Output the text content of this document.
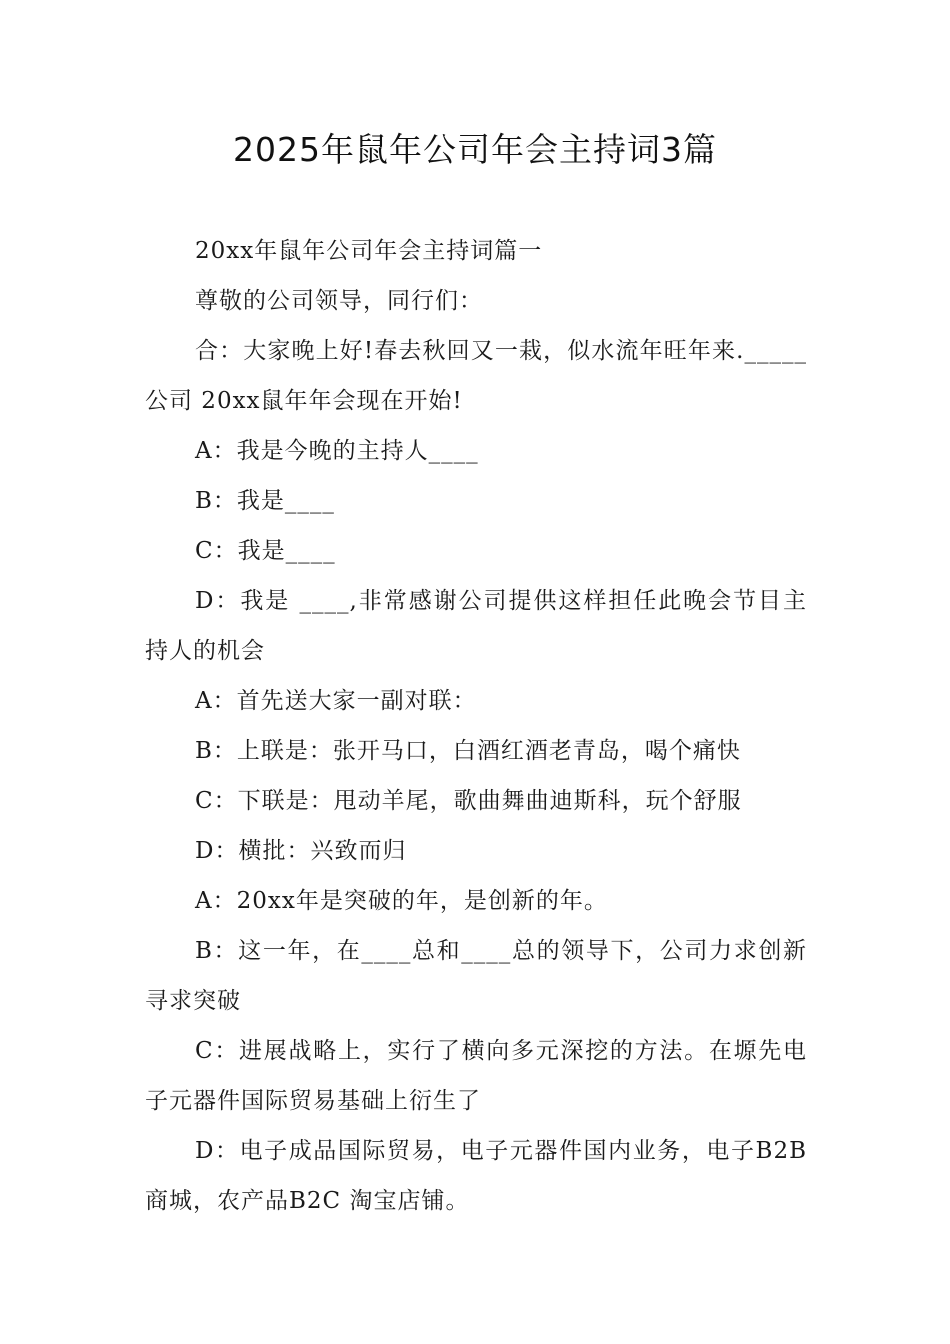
2025年鼠年公司年会主持词3篇

20xx年鼠年公司年会主持词篇一

尊敬的公司领导，同行们：

合：大家晚上好!春去秋回又一栽，似水流年旺年来._____公司 20xx鼠年年会现在开始!

A：我是今晚的主持人____

B：我是____

C：我是____

D：我是 ____,非常感谢公司提供这样担任此晚会节目主持人的机会

A：首先送大家一副对联：

B：上联是：张开马口，白酒红酒老青岛，喝个痛快

C：下联是：甩动羊尾，歌曲舞曲迪斯科，玩个舒服

D：横批：兴致而归

A：20xx年是突破的年，是创新的年。

B：这一年，在____总和____总的领导下，公司力求创新寻求突破

C：进展战略上，实行了横向多元深挖的方法。在塬先电子元器件国际贸易基础上衍生了

D：电子成品国际贸易，电子元器件国内业务，电子B2B 商城，农产品B2C 淘宝店铺。
